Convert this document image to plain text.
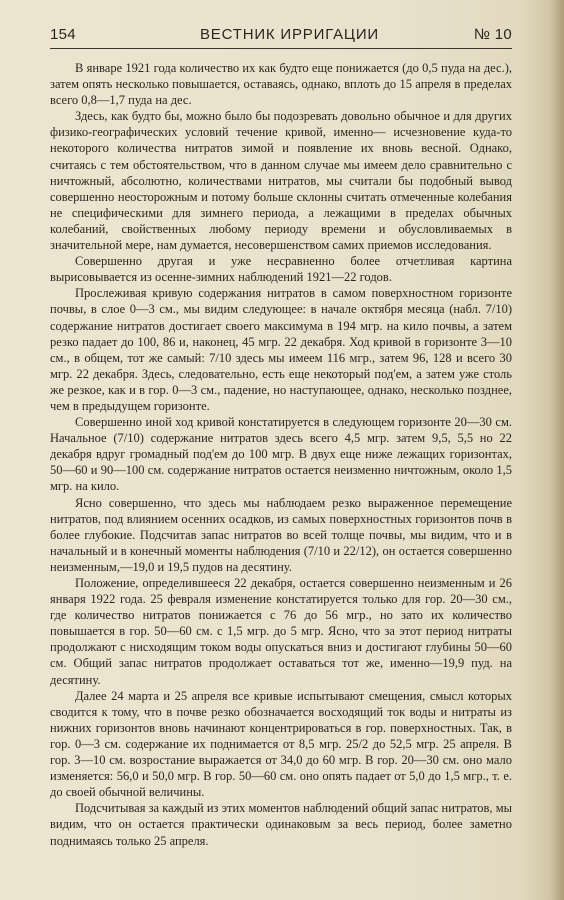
154	ВЕСТНИК ИРРИГАЦИИ	№ 10

В январе 1921 года количество их как будто еще понижается (до 0,5 пуда на дес.), затем опять несколько повышается, оставаясь, однако, вплоть до 15 апреля в пределах всего 0,8—1,7 пуда на дес.

Здесь, как будто бы, можно было бы подозревать довольно обычное и для других физико-географических условий течение кривой, именно— исчезновение куда-то некоторого количества нитратов зимой и появление их вновь весной. Однако, считаясь с тем обстоятельством, что в данном случае мы имеем дело сравнительно с ничтожный, абсолютно, количествами нитратов, мы считали бы подобный вывод совершенно неосторожным и потому больше склонны считать отмеченные колебания не специфическими для зимнего периода, а лежащими в пределах обычных колебаний, свойственных любому периоду времени и обусловливаемых в значительной мере, нам думается, несовершенством самих приемов исследования.

Совершенно другая и уже несравненно более отчетливая картина вырисовывается из осенне-зимних наблюдений 1921—22 годов.

Прослеживая кривую содержания нитратов в самом поверхностном горизонте почвы, в слое 0—3 см., мы видим следующее: в начале октября месяца (набл. 7/10) содержание нитратов достигает своего максимума в 194 мгр. на кило почвы, а затем резко падает до 100, 86 и, наконец, 45 мгр. 22 декабря. Ход кривой в горизонте 3—10 см., в общем, тот же самый: 7/10 здесь мы имеем 116 мгр., затем 96, 128 и всего 30 мгр. 22 декабря. Здесь, следовательно, есть еще некоторый под'ем, а затем уже столь же резкое, как и в гор. 0—3 см., падение, но наступающее, однако, несколько позднее, чем в предыдущем горизонте.

Совершенно иной ход кривой констатируется в следующем горизонте 20—30 см. Начальное (7/10) содержание нитратов здесь всего 4,5 мгр. затем 9,5, 5,5 но 22 декабря вдруг громадный под'ем до 100 мгр. В двух еще ниже лежащих горизонтах, 50—60 и 90—100 см. содержание нитратов остается неизменно ничтожным, около 1,5 мгр. на кило.

Ясно совершенно, что здесь мы наблюдаем резко выраженное перемещение нитратов, под влиянием осенних осадков, из самых поверхностных горизонтов почв в более глубокие. Подсчитав запас нитратов во всей толще почвы, мы видим, что и в начальный и в конечный моменты наблюдения (7/10 и 22/12), он остается совершенно неизменным,—19,0 и 19,5 пудов на десятину.

Положение, определившееся 22 декабря, остается совершенно неизменным и 26 января 1922 года. 25 февраля изменение констатируется только для гор. 20—30 см., где количество нитратов понижается с 76 до 56 мгр., но зато их количество повышается в гор. 50—60 см. с 1,5 мгр. до 5 мгр. Ясно, что за этот период нитраты продолжают с нисходящим током воды опускаться вниз и достигают глубины 50—60 см. Общий запас нитратов продолжает оставаться тот же, именно—19,9 пуд. на десятину.

Далее 24 марта и 25 апреля все кривые испытывают смещения, смысл которых сводится к тому, что в почве резко обозначается восходящий ток воды и нитраты из нижних горизонтов вновь начинают концентрироваться в гор. поверхностных. Так, в гор. 0—3 см. содержание их поднимается от 8,5 мгр. 25/2 до 52,5 мгр. 25 апреля. В гор. 3—10 см. возростание выражается от 34,0 до 60 мгр. В гор. 20—30 см. оно мало изменяется: 56,0 и 50,0 мгр. В гор. 50—60 см. оно опять падает от 5,0 до 1,5 мгр., т. е. до своей обычной величины.

Подсчитывая за каждый из этих моментов наблюдений общий запас нитратов, мы видим, что он остается практически одинаковым за весь период, более заметно поднимаясь только 25 апреля.
